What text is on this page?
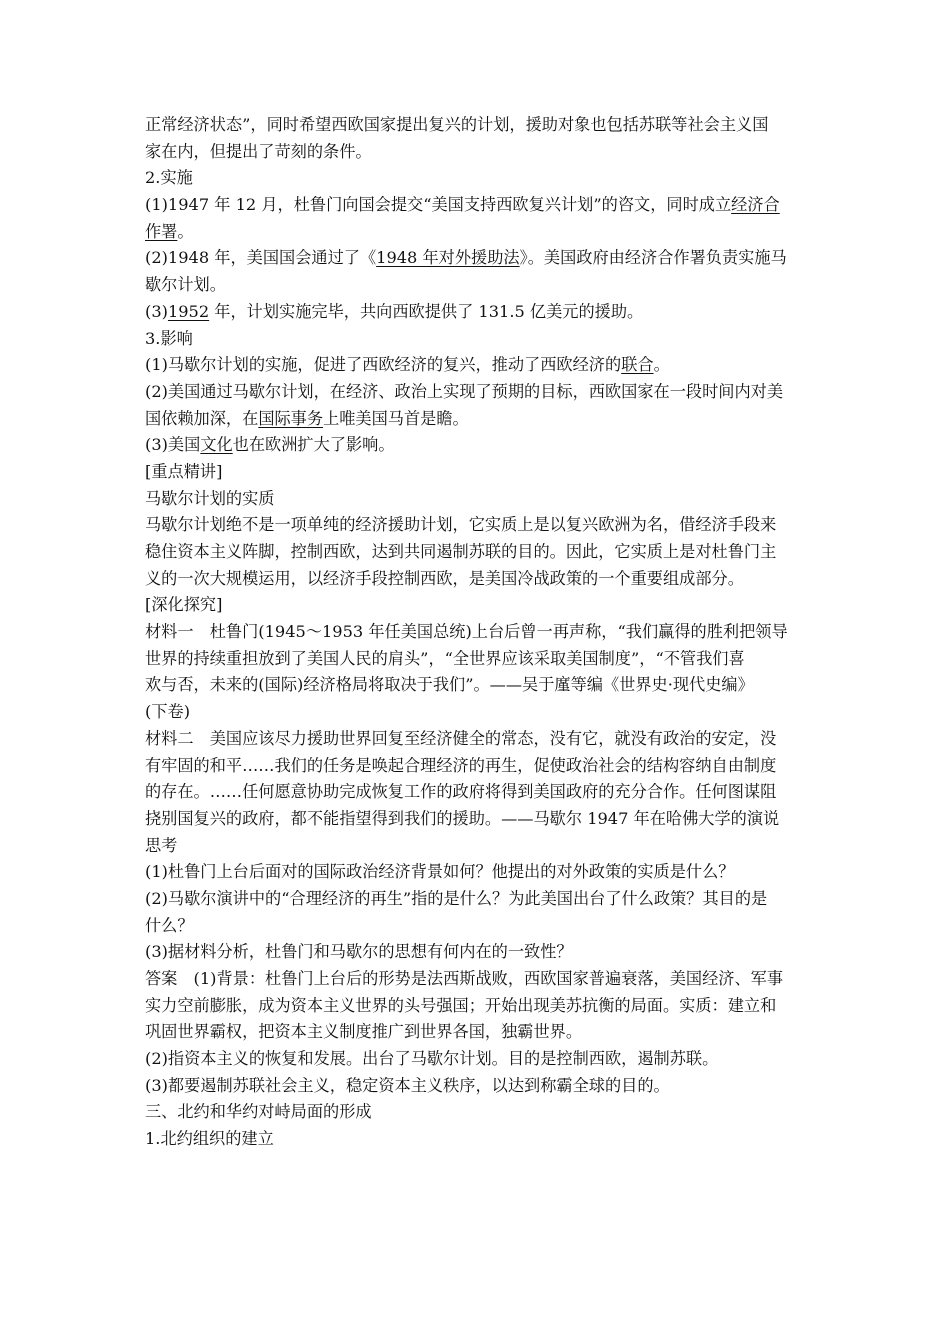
正常经济状态”，同时希望西欧国家提出复兴的计划，援助对象也包括苏联等社会主义国
家在内，但提出了苛刻的条件。
2.实施
(1)1947 年 12 月，杜鲁门向国会提交“美国支持西欧复兴计划”的咨文，同时成立经济合
作署。
(2)1948 年，美国国会通过了《1948 年对外援助法》。美国政府由经济合作署负责实施马
歇尔计划。
(3)1952 年，计划实施完毕，共向西欧提供了 131.5 亿美元的援助。
3.影响
(1)马歇尔计划的实施，促进了西欧经济的复兴，推动了西欧经济的联合。
(2)美国通过马歇尔计划，在经济、政治上实现了预期的目标，西欧国家在一段时间内对美
国依赖加深，在国际事务上唯美国马首是瞻。
(3)美国文化也在欧洲扩大了影响。
[重点精讲]
马歇尔计划的实质
马歇尔计划绝不是一项单纯的经济援助计划，它实质上是以复兴欧洲为名，借经济手段来
稳住资本主义阵脚，控制西欧，达到共同遏制苏联的目的。因此，它实质上是对杜鲁门主
义的一次大规模运用，以经济手段控制西欧，是美国冷战政策的一个重要组成部分。
[深化探究]
材料一　杜鲁门(1945～1953 年任美国总统)上台后曾一再声称，“我们赢得的胜利把领导
世界的持续重担放到了美国人民的肩头”，“全世界应该采取美国制度”，“不管我们喜
欢与否，未来的(国际)经济格局将取决于我们”。——吴于廑等编《世界史·现代史编》
(下卷)
材料二　美国应该尽力援助世界回复至经济健全的常态，没有它，就没有政治的安定，没
有牢固的和平……我们的任务是唤起合理经济的再生，促使政治社会的结构容纳自由制度
的存在。……任何愿意协助完成恢复工作的政府将得到美国政府的充分合作。任何图谋阻
挠别国复兴的政府，都不能指望得到我们的援助。——马歇尔 1947 年在哈佛大学的演说
思考
(1)杜鲁门上台后面对的国际政治经济背景如何？他提出的对外政策的实质是什么？
(2)马歇尔演讲中的“合理经济的再生”指的是什么？为此美国出台了什么政策？其目的是
什么？
(3)据材料分析，杜鲁门和马歇尔的思想有何内在的一致性？
答案　(1)背景：杜鲁门上台后的形势是法西斯战败，西欧国家普遍衰落，美国经济、军事
实力空前膨胀，成为资本主义世界的头号强国；开始出现美苏抗衡的局面。实质：建立和
巩固世界霸权，把资本主义制度推广到世界各国，独霸世界。
(2)指资本主义的恢复和发展。出台了马歇尔计划。目的是控制西欧，遏制苏联。
(3)都要遏制苏联社会主义，稳定资本主义秩序，以达到称霸全球的目的。
三、北约和华约对峙局面的形成
1.北约组织的建立
